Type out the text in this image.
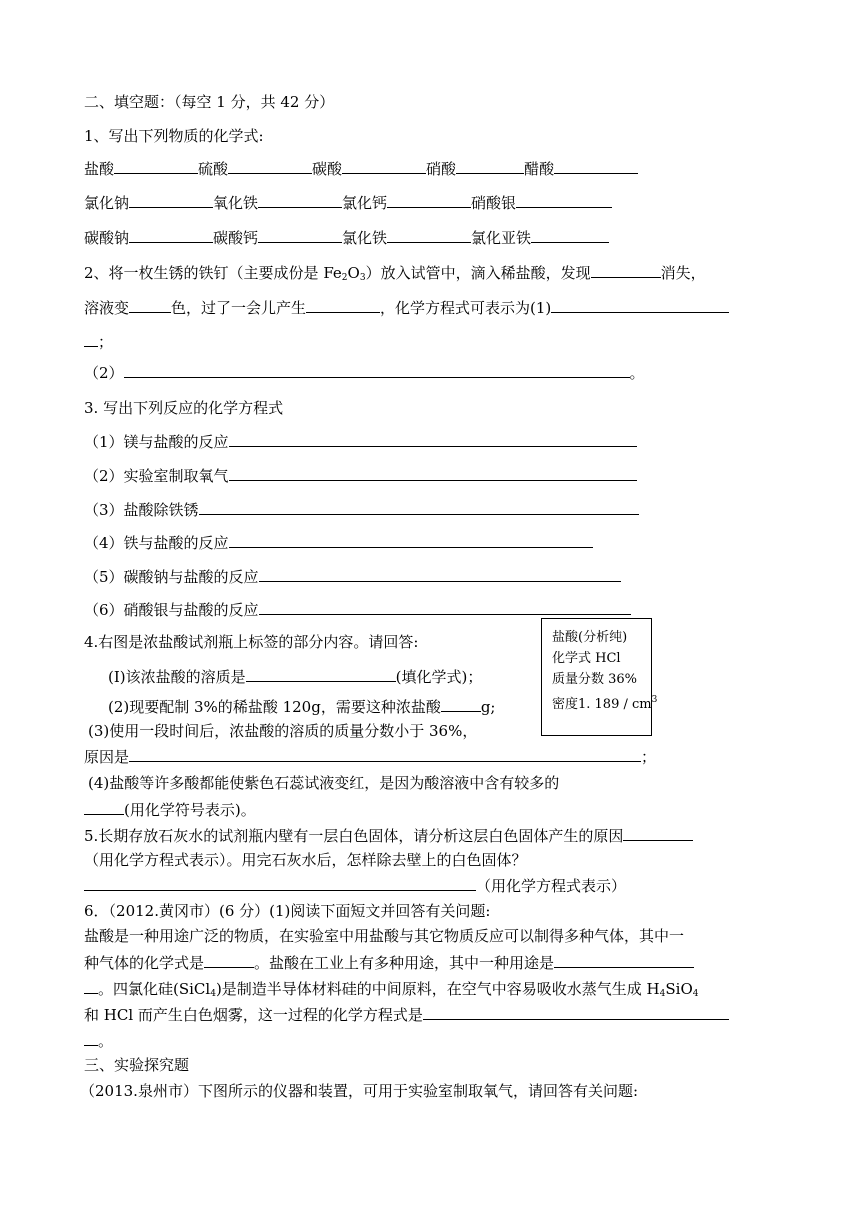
二、填空题：（每空 1 分，共 42 分）
1、写出下列物质的化学式:
盐酸	硫酸	碳酸	硝酸	醋酸
氯化钠	氧化铁	氯化钙	硝酸银
碳酸钠	碳酸钙	氯化铁	氯化亚铁
2、将一枚生锈的铁钉（主要成份是 $Fe_2O_3$）放入试管中，滴入稀盐酸，发现	消失，
溶液变	色，过了一会儿产生	，化学方程式可表示为(1)
；
（2）	。
3. 写出下列反应的化学方程式
（1）镁与盐酸的反应
（2）实验室制取氧气
（3）盐酸除铁锈
（4）铁与盐酸的反应
（5）碳酸钠与盐酸的反应
（6）硝酸银与盐酸的反应
4.右图是浓盐酸试剂瓶上标签的部分内容。请回答:
(I)该浓盐酸的溶质是	(填化学式)；
(2)现要配制 3%的稀盐酸 120g，需要这种浓盐酸	g;
(3)使用一段时间后，浓盐酸的溶质的质量分数小于 36%，
原因是	；
(4)盐酸等许多酸都能使紫色石蕊试液变红，是因为酸溶液中含有较多的
(用化学符号表示)。
盐酸(分析纯)
化学式 HCl
质量分数 36%
密度1. $189 / cm^3$
5.长期存放石灰水的试剂瓶内壁有一层白色固体，请分析这层白色固体产生的原因
（用化学方程式表示）。用完石灰水后，怎样除去壁上的白色固体？
（用化学方程式表示）
6．（2012.黄冈市）(6 分）(1)阅读下面短文并回答有关问题:
盐酸是一种用途广泛的物质，在实验室中用盐酸与其它物质反应可以制得多种气体，其中一
种气体的化学式是	。盐酸在工业上有多种用途，其中一种用途是
。四氯化硅(SiCl$_4$)是制造半导体材料硅的中间原料，在空气中容易吸收水蒸气生成 $H_4SiO_4$
和 HCl 而产生白色烟雾，这一过程的化学方程式是
。
三、实验探究题
（2013.泉州市）下图所示的仪器和装置，可用于实验室制取氧气，请回答有关问题:
